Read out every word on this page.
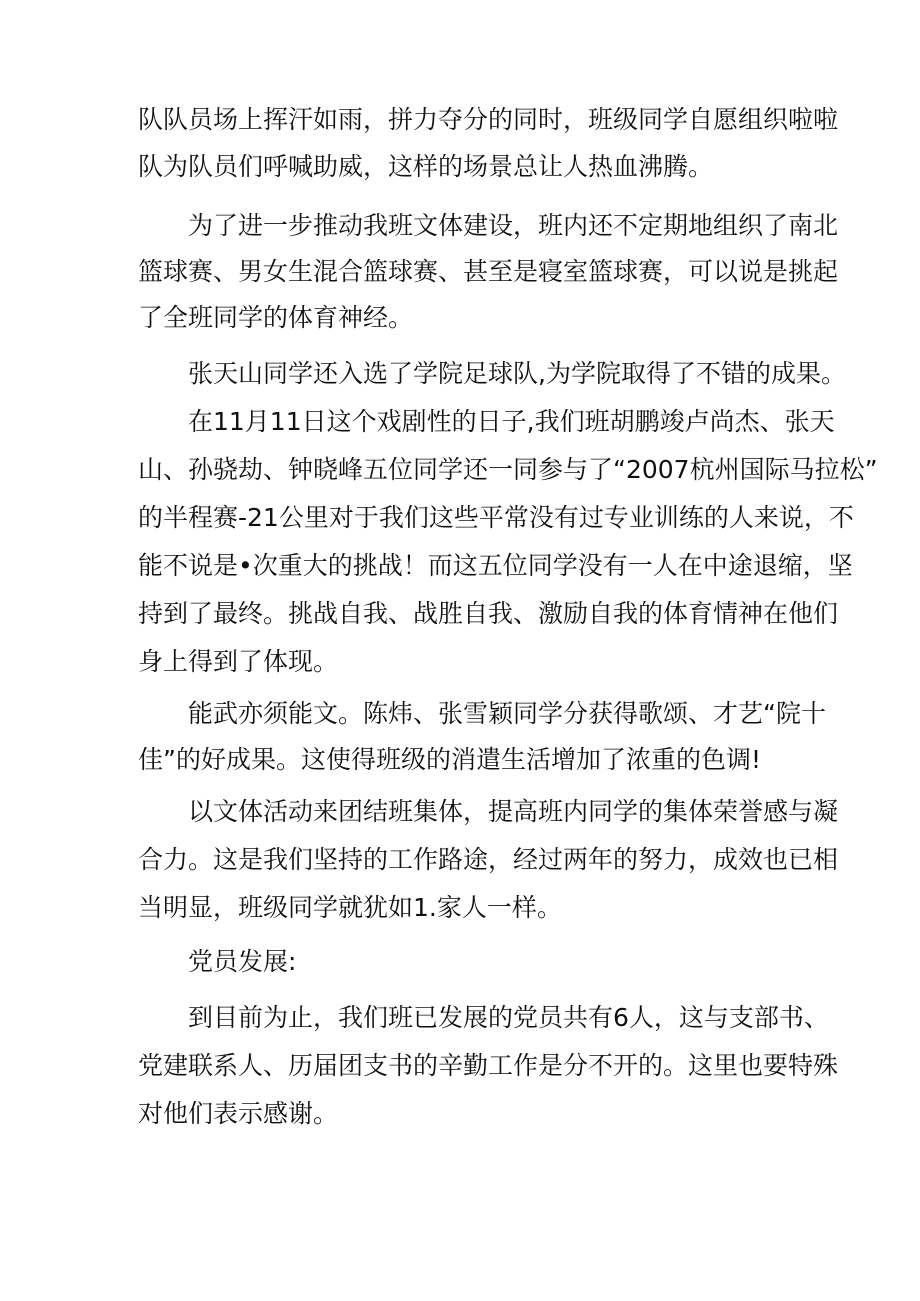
队队员场上挥汗如雨，拼力夺分的同时，班级同学自愿组织啦啦
队为队员们呼喊助威，这样的场景总让人热血沸腾。
为了进一步推动我班文体建设，班内还不定期地组织了南北
篮球赛、男女生混合篮球赛、甚至是寝室篮球赛，可以说是挑起
了全班同学的体育神经。
张天山同学还入选了学院足球队,为学院取得了不错的成果。
在11月11日这个戏剧性的日子,我们班胡鹏竣卢尚杰、张天
山、孙骁劫、钟晓峰五位同学还一同参与了“2007杭州国际马拉松”
的半程赛-21公里对于我们这些平常没有过专业训练的人来说，不
能不说是•次重大的挑战！而这五位同学没有一人在中途退缩，坚
持到了最终。挑战自我、战胜自我、激励自我的体育情神在他们
身上得到了体现。
能武亦须能文。陈炜、张雪颖同学分获得歌颂、才艺“院十
佳”的好成果。这使得班级的消遣生活增加了浓重的色调!
以文体活动来团结班集体，提高班内同学的集体荣誉感与凝
合力。这是我们坚持的工作路途，经过两年的努力，成效也已相
当明显，班级同学就犹如1.家人一样。
党员发展:
到目前为止，我们班已发展的党员共有6人，这与支部书、
党建联系人、历届团支书的辛勤工作是分不开的。这里也要特殊
对他们表示感谢。
